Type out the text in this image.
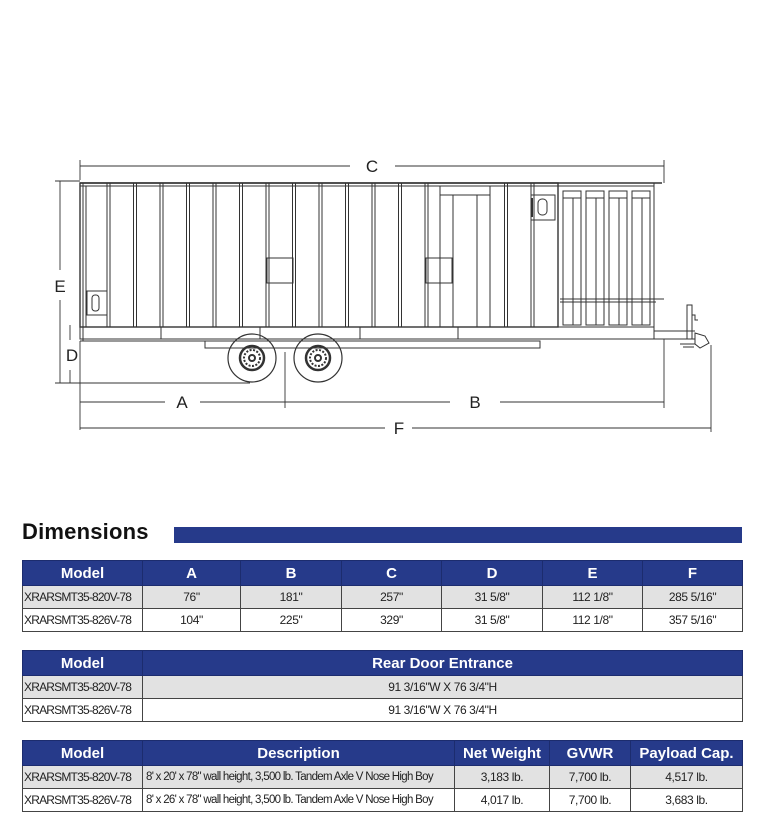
C
E
D
A	B
F
Dimensions
Model	A	B	C	D	E	F
XRARSMT35-820V-78	76"	181"	257"	31 5/8"	112 1/8"	285 5/16"
XRARSMT35-826V-78	104"	225"	329"	31 5/8"	112 1/8"	357 5/16"
Model	Rear Door Entrance
XRARSMT35-820V-78	91 3/16"W X 76 3/4"H
XRARSMT35-826V-78	91 3/16"W X 76 3/4"H
Model	Description	Net Weight	GVWR	Payload Cap.
XRARSMT35-820V-78	8' x 20' x 78" wall height, 3,500 lb. Tandem Axle V Nose High Boy	3,183 lb.	7,700 lb.	4,517 lb.
XRARSMT35-826V-78	8' x 26' x 78" wall height, 3,500 lb. Tandem Axle V Nose High Boy	4,017 lb.	7,700 lb.	3,683 lb.
